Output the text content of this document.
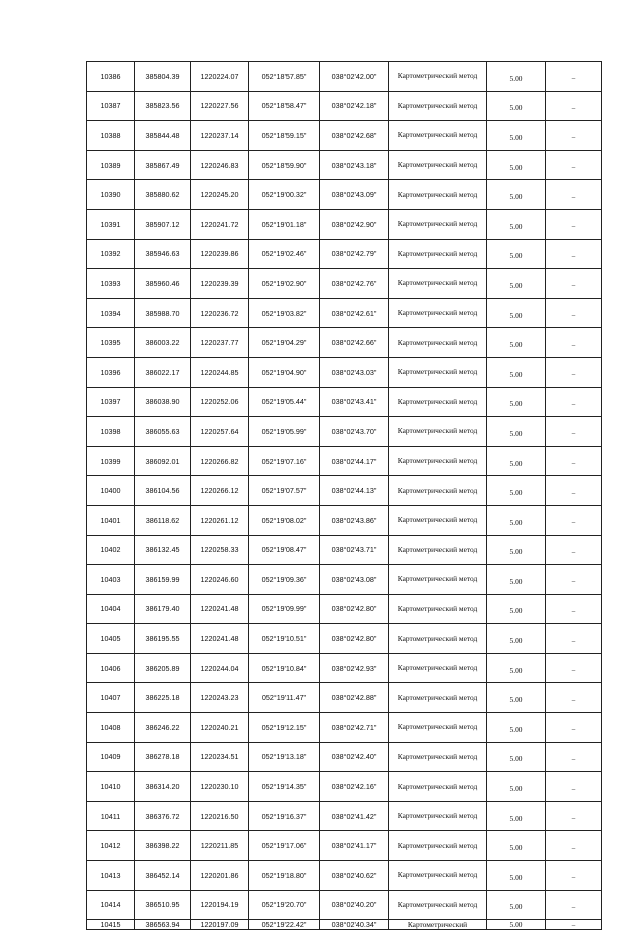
10386	385804.39	1220224.07	052°18'57.85"	038°02'42.00"	Картометрический метод	5.00	–
10387	385823.56	1220227.56	052°18'58.47"	038°02'42.18"	Картометрический метод	5.00	–
10388	385844.48	1220237.14	052°18'59.15"	038°02'42.68"	Картометрический метод	5.00	–
10389	385867.49	1220246.83	052°18'59.90"	038°02'43.18"	Картометрический метод	5.00	–
10390	385880.62	1220245.20	052°19'00.32"	038°02'43.09"	Картометрический метод	5.00	–
10391	385907.12	1220241.72	052°19'01.18"	038°02'42.90"	Картометрический метод	5.00	–
10392	385946.63	1220239.86	052°19'02.46"	038°02'42.79"	Картометрический метод	5.00	–
10393	385960.46	1220239.39	052°19'02.90"	038°02'42.76"	Картометрический метод	5.00	–
10394	385988.70	1220236.72	052°19'03.82"	038°02'42.61"	Картометрический метод	5.00	–
10395	386003.22	1220237.77	052°19'04.29"	038°02'42.66"	Картометрический метод	5.00	–
10396	386022.17	1220244.85	052°19'04.90"	038°02'43.03"	Картометрический метод	5.00	–
10397	386038.90	1220252.06	052°19'05.44"	038°02'43.41"	Картометрический метод	5.00	–
10398	386055.63	1220257.64	052°19'05.99"	038°02'43.70"	Картометрический метод	5.00	–
10399	386092.01	1220266.82	052°19'07.16"	038°02'44.17"	Картометрический метод	5.00	–
10400	386104.56	1220266.12	052°19'07.57"	038°02'44.13"	Картометрический метод	5.00	–
10401	386118.62	1220261.12	052°19'08.02"	038°02'43.86"	Картометрический метод	5.00	–
10402	386132.45	1220258.33	052°19'08.47"	038°02'43.71"	Картометрический метод	5.00	–
10403	386159.99	1220246.60	052°19'09.36"	038°02'43.08"	Картометрический метод	5.00	–
10404	386179.40	1220241.48	052°19'09.99"	038°02'42.80"	Картометрический метод	5.00	–
10405	386195.55	1220241.48	052°19'10.51"	038°02'42.80"	Картометрический метод	5.00	–
10406	386205.89	1220244.04	052°19'10.84"	038°02'42.93"	Картометрический метод	5.00	–
10407	386225.18	1220243.23	052°19'11.47"	038°02'42.88"	Картометрический метод	5.00	–
10408	386246.22	1220240.21	052°19'12.15"	038°02'42.71"	Картометрический метод	5.00	–
10409	386278.18	1220234.51	052°19'13.18"	038°02'42.40"	Картометрический метод	5.00	–
10410	386314.20	1220230.10	052°19'14.35"	038°02'42.16"	Картометрический метод	5.00	–
10411	386376.72	1220216.50	052°19'16.37"	038°02'41.42"	Картометрический метод	5.00	–
10412	386398.22	1220211.85	052°19'17.06"	038°02'41.17"	Картометрический метод	5.00	–
10413	386452.14	1220201.86	052°19'18.80"	038°02'40.62"	Картометрический метод	5.00	–
10414	386510.95	1220194.19	052°19'20.70"	038°02'40.20"	Картометрический метод	5.00	–
10415	386563.94	1220197.09	052°19'22.42"	038°02'40.34"	Картометрический	5.00	–
